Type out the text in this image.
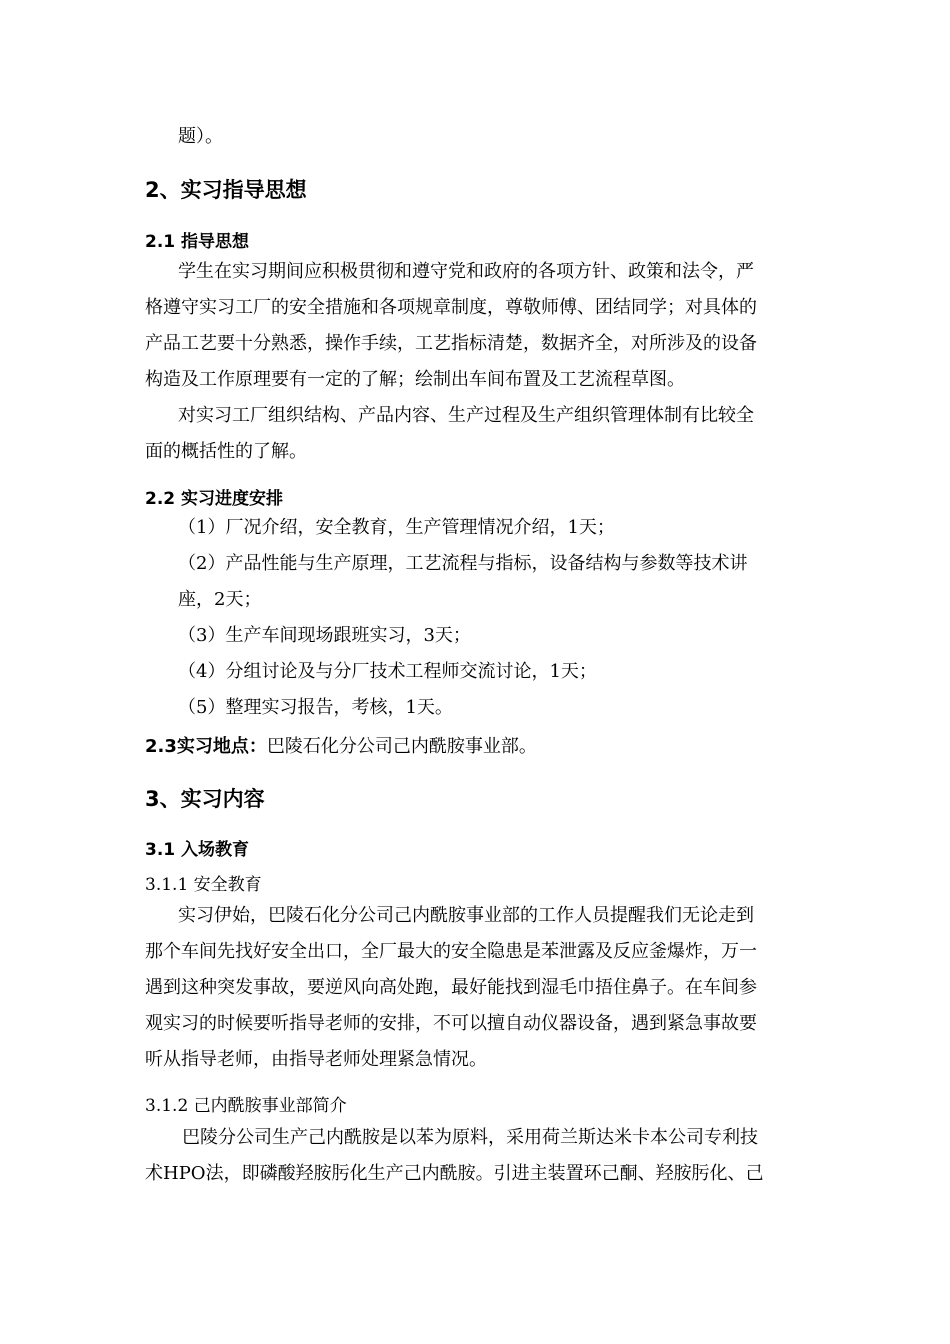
题）。
2、实习指导思想
2.1 指导思想
学生在实习期间应积极贯彻和遵守党和政府的各项方针、政策和法令，严
格遵守实习工厂的安全措施和各项规章制度，尊敬师傅、团结同学；对具体的
产品工艺要十分熟悉，操作手续，工艺指标清楚，数据齐全，对所涉及的设备
构造及工作原理要有一定的了解；绘制出车间布置及工艺流程草图。
对实习工厂组织结构、产品内容、生产过程及生产组织管理体制有比较全
面的概括性的了解。
2.2 实习进度安排
（1）厂况介绍，安全教育，生产管理情况介绍，1天；
（2）产品性能与生产原理，工艺流程与指标，设备结构与参数等技术讲
座，2天；
（3）生产车间现场跟班实习，3天；
（4）分组讨论及与分厂技术工程师交流讨论，1天；
（5）整理实习报告，考核，1天。
2.3实习地点：巴陵石化分公司己内酰胺事业部。
3、实习内容
3.1 入场教育
3.1.1 安全教育
实习伊始，巴陵石化分公司己内酰胺事业部的工作人员提醒我们无论走到
那个车间先找好安全出口，全厂最大的安全隐患是苯泄露及反应釜爆炸，万一
遇到这种突发事故，要逆风向高处跑，最好能找到湿毛巾捂住鼻子。在车间参
观实习的时候要听指导老师的安排，不可以擅自动仪器设备，遇到紧急事故要
听从指导老师，由指导老师处理紧急情况。
3.1.2 己内酰胺事业部简介
巴陵分公司生产己内酰胺是以苯为原料，采用荷兰斯达米卡本公司专利技
术HPO法，即磷酸羟胺肟化生产己内酰胺。引进主装置环己酮、羟胺肟化、己
